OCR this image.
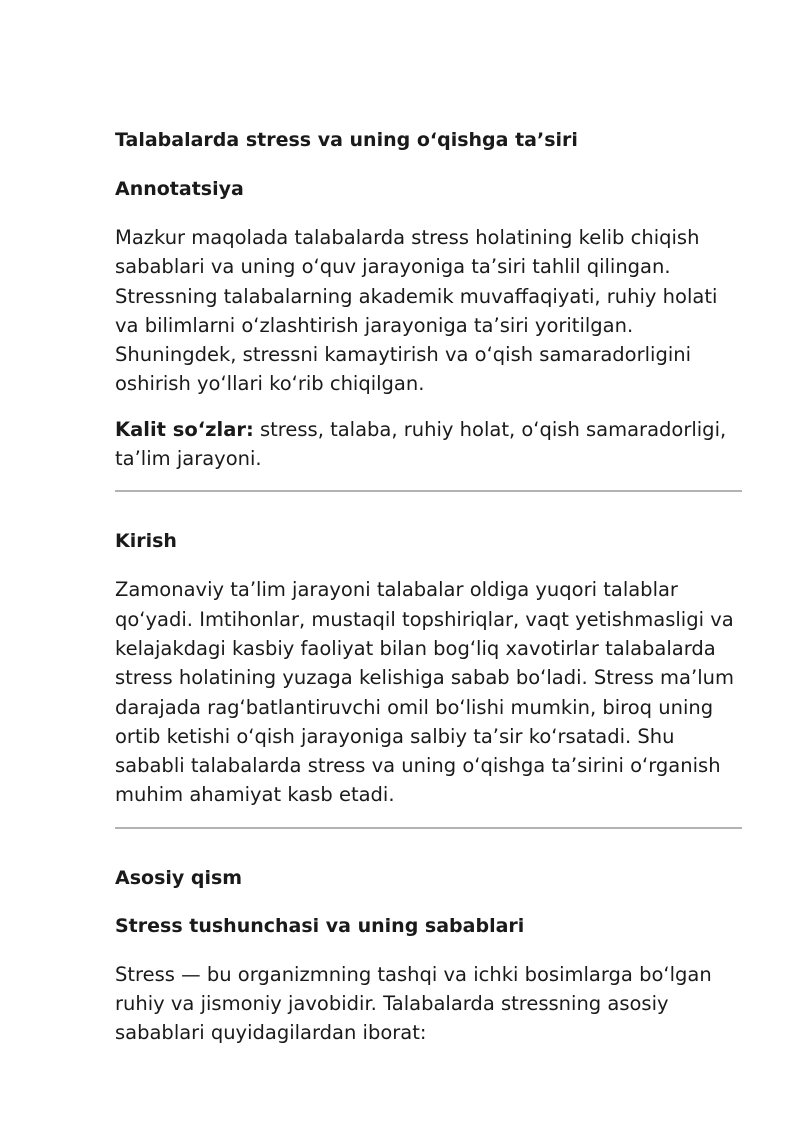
Talabalarda stress va uning o‘qishga ta’siri
Annotatsiya

Mazkur maqolada talabalarda stress holatining kelib chiqish sabablari va uning o‘quv jarayoniga ta’siri tahlil qilingan. Stressning talabalarning akademik muvaffaqiyati, ruhiy holati va bilimlarni o‘zlashtirish jarayoniga ta’siri yoritilgan. Shuningdek, stressni kamaytirish va o‘qish samaradorligini oshirish yo‘llari ko‘rib chiqilgan.

Kalit so‘zlar: stress, talaba, ruhiy holat, o‘qish samaradorligi, ta’lim jarayoni.

Kirish

Zamonaviy ta’lim jarayoni talabalar oldiga yuqori talablar qo‘yadi. Imtihonlar, mustaqil topshiriqlar, vaqt yetishmasligi va kelajakdagi kasbiy faoliyat bilan bog‘liq xavotirlar talabalarda stress holatining yuzaga kelishiga sabab bo‘ladi. Stress ma’lum darajada rag‘batlantiruvchi omil bo‘lishi mumkin, biroq uning ortib ketishi o‘qish jarayoniga salbiy ta’sir ko‘rsatadi. Shu sababli talabalarda stress va uning o‘qishga ta’sirini o‘rganish muhim ahamiyat kasb etadi.

Asosiy qism
Stress tushunchasi va uning sabablari

Stress — bu organizmning tashqi va ichki bosimlarga bo‘lgan ruhiy va jismoniy javobidir. Talabalarda stressning asosiy sabablari quyidagilardan iborat:
